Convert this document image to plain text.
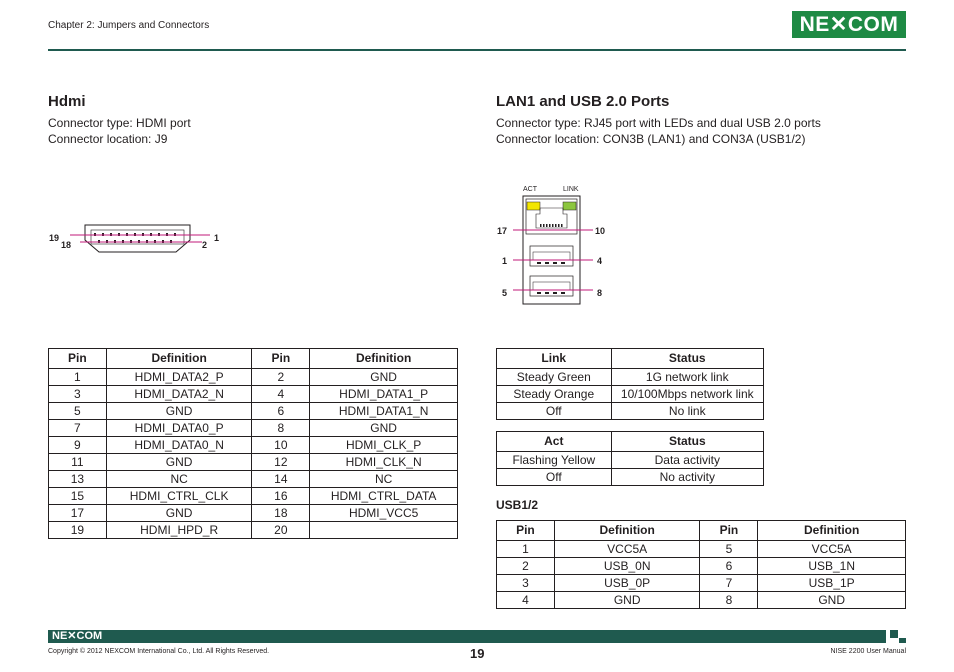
Chapter 2: Jumpers and Connectors	NE✕COM
Hdmi
Connector type: HDMI port
Connector location: J9
19
18
1
2
Pin	Definition	Pin	Definition
1	HDMI_DATA2_P	2	GND
3	HDMI_DATA2_N	4	HDMI_DATA1_P
5	GND	6	HDMI_DATA1_N
7	HDMI_DATA0_P	8	GND
9	HDMI_DATA0_N	10	HDMI_CLK_P
11	GND	12	HDMI_CLK_N
13	NC	14	NC
15	HDMI_CTRL_CLK	16	HDMI_CTRL_DATA
17	GND	18	HDMI_VCC5
19	HDMI_HPD_R	20	
LAN1 and USB 2.0 Ports
Connector type: RJ45 port with LEDs and dual USB 2.0 ports
Connector location: CON3B (LAN1) and CON3A (USB1/2)
ACT	LINK
17	10
1	4
5	8
Link	Status
Steady Green	1G network link
Steady Orange	10/100Mbps network link
Off	No link
Act	Status
Flashing Yellow	Data activity
Off	No activity
USB1/2
Pin	Definition	Pin	Definition
1	VCC5A	5	VCC5A
2	USB_0N	6	USB_1N
3	USB_0P	7	USB_1P
4	GND	8	GND
NE✕COM
Copyright © 2012 NEXCOM International Co., Ltd. All Rights Reserved.	19	NISE 2200 User Manual
